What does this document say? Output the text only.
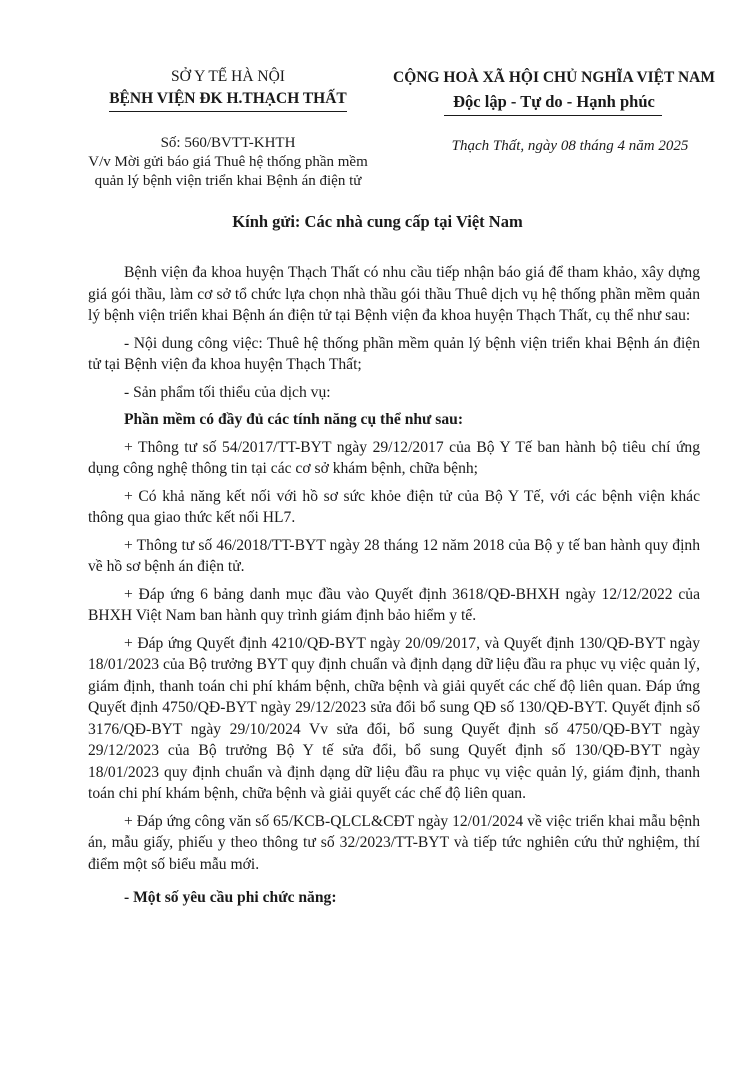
SỞ Y TẾ HÀ NỘI
BỆNH VIỆN ĐK H.THẠCH THẤT
CỘNG HOÀ XÃ HỘI CHỦ NGHĨA VIỆT NAM
Độc lập - Tự do - Hạnh phúc
Số: 560/BVTT-KHTH
V/v Mời gửi báo giá Thuê hệ thống phần mềm
quản lý bệnh viện triển khai Bệnh án điện tử
Thạch Thất, ngày 08 tháng 4 năm 2025
Kính gửi: Các nhà cung cấp tại Việt Nam

Bệnh viện đa khoa huyện Thạch Thất có nhu cầu tiếp nhận báo giá để tham khảo, xây dựng giá gói thầu, làm cơ sở tổ chức lựa chọn nhà thầu gói thầu Thuê dịch vụ hệ thống phần mềm quản lý bệnh viện triển khai Bệnh án điện tử tại Bệnh viện đa khoa huyện Thạch Thất, cụ thể như sau:

- Nội dung công việc: Thuê hệ thống phần mềm quản lý bệnh viện triển khai Bệnh án điện tử tại Bệnh viện đa khoa huyện Thạch Thất;

- Sản phẩm tối thiểu của dịch vụ:

Phần mềm có đầy đủ các tính năng cụ thể như sau:

+ Thông tư số 54/2017/TT-BYT ngày 29/12/2017 của Bộ Y Tế ban hành bộ tiêu chí ứng dụng công nghệ thông tin tại các cơ sở khám bệnh, chữa bệnh;

+ Có khả năng kết nối với hồ sơ sức khỏe điện tử của Bộ Y Tế, với các bệnh viện khác thông qua giao thức kết nối HL7.

+ Thông tư số 46/2018/TT-BYT ngày 28 tháng 12 năm 2018 của Bộ y tế ban hành quy định về hồ sơ bệnh án điện tử.

+ Đáp ứng 6 bảng danh mục đầu vào Quyết định 3618/QĐ-BHXH ngày 12/12/2022 của BHXH Việt Nam ban hành quy trình giám định bảo hiểm y tế.

+ Đáp ứng Quyết định 4210/QĐ-BYT ngày 20/09/2017, và Quyết định 130/QĐ-BYT ngày 18/01/2023 của Bộ trưởng BYT quy định chuẩn và định dạng dữ liệu đầu ra phục vụ việc quản lý, giám định, thanh toán chi phí khám bệnh, chữa bệnh và giải quyết các chế độ liên quan. Đáp ứng Quyết định 4750/QĐ-BYT ngày 29/12/2023 sửa đổi bổ sung QĐ số 130/QĐ-BYT. Quyết định số 3176/QĐ-BYT ngày 29/10/2024 Vv sửa đổi, bổ sung Quyết định số 4750/QĐ-BYT ngày 29/12/2023 của Bộ trưởng Bộ Y tế sửa đổi, bổ sung Quyết định số 130/QĐ-BYT ngày 18/01/2023 quy định chuẩn và định dạng dữ liệu đầu ra phục vụ việc quản lý, giám định, thanh toán chi phí khám bệnh, chữa bệnh và giải quyết các chế độ liên quan.

+ Đáp ứng công văn số 65/KCB-QLCL&CĐT ngày 12/01/2024 về việc triển khai mẫu bệnh án, mẫu giấy, phiếu y theo thông tư số 32/2023/TT-BYT và tiếp tức nghiên cứu thử nghiệm, thí điểm một số biểu mẫu mới.

- Một số yêu cầu phi chức năng:
